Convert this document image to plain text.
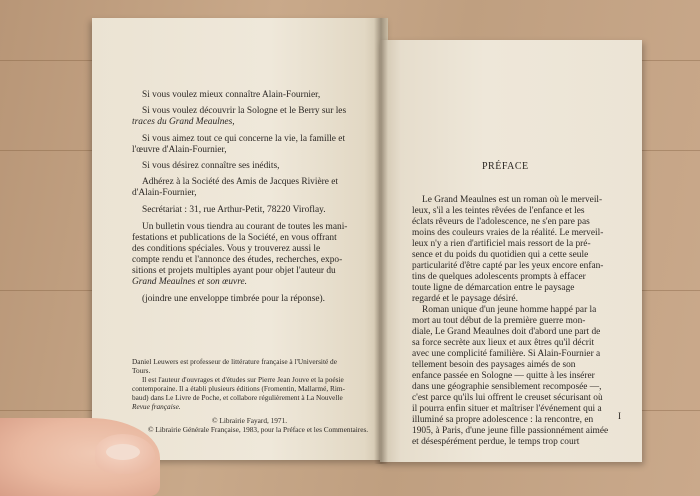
Si vous voulez mieux connaître Alain-Fournier,
Si vous voulez découvrir la Sologne et le Berry sur les
traces du Grand Meaulnes,
Si vous aimez tout ce qui concerne la vie, la famille et
l'œuvre d'Alain-Fournier,
Si vous désirez connaître ses inédits,
Adhérez à la Société des Amis de Jacques Rivière et
d'Alain-Fournier,
Secrétariat : 31, rue Arthur-Petit, 78220 Viroflay.
Un bulletin vous tiendra au courant de toutes les mani-
festations et publications de la Société, en vous offrant
des conditions spéciales. Vous y trouverez aussi le
compte rendu et l'annonce des études, recherches, expo-
sitions et projets multiples ayant pour objet l'auteur du
Grand Meaulnes et son œuvre.
(joindre une enveloppe timbrée pour la réponse).
Daniel Leuwers est professeur de littérature française à l'Université de
Tours.
Il est l'auteur d'ouvrages et d'études sur Pierre Jean Jouve et la poésie
contemporaine. Il a établi plusieurs éditions (Fromentin, Mallarmé, Rim-
baud) dans Le Livre de Poche, et collabore régulièrement à La Nouvelle
Revue française.
© Librairie Fayard, 1971.
© Librairie Générale Française, 1983, pour la Préface et les Commentaires.
PRÉFACE
Le Grand Meaulnes est un roman où le merveil-
leux, s'il a les teintes rêvées de l'enfance et les
éclats rêveurs de l'adolescence, ne s'en pare pas
moins des couleurs vraies de la réalité. Le merveil-
leux n'y a rien d'artificiel mais ressort de la pré-
sence et du poids du quotidien qui a cette seule
particularité d'être capté par les yeux encore enfan-
tins de quelques adolescents prompts à effacer
toute ligne de démarcation entre le paysage
regardé et le paysage désiré.
Roman unique d'un jeune homme happé par la
mort au tout début de la première guerre mon-
diale, Le Grand Meaulnes doit d'abord une part de
sa force secrète aux lieux et aux êtres qu'il décrit
avec une complicité familière. Si Alain-Fournier a
tellement besoin des paysages aimés de son
enfance passée en Sologne — quitte à les insérer
dans une géographie sensiblement recomposée —,
c'est parce qu'ils lui offrent le creuset sécurisant où
il pourra enfin situer et maîtriser l'événement qui a
illuminé sa propre adolescence : la rencontre, en
1905, à Paris, d'une jeune fille passionnément aimée
et désespérément perdue, le temps trop court
I
